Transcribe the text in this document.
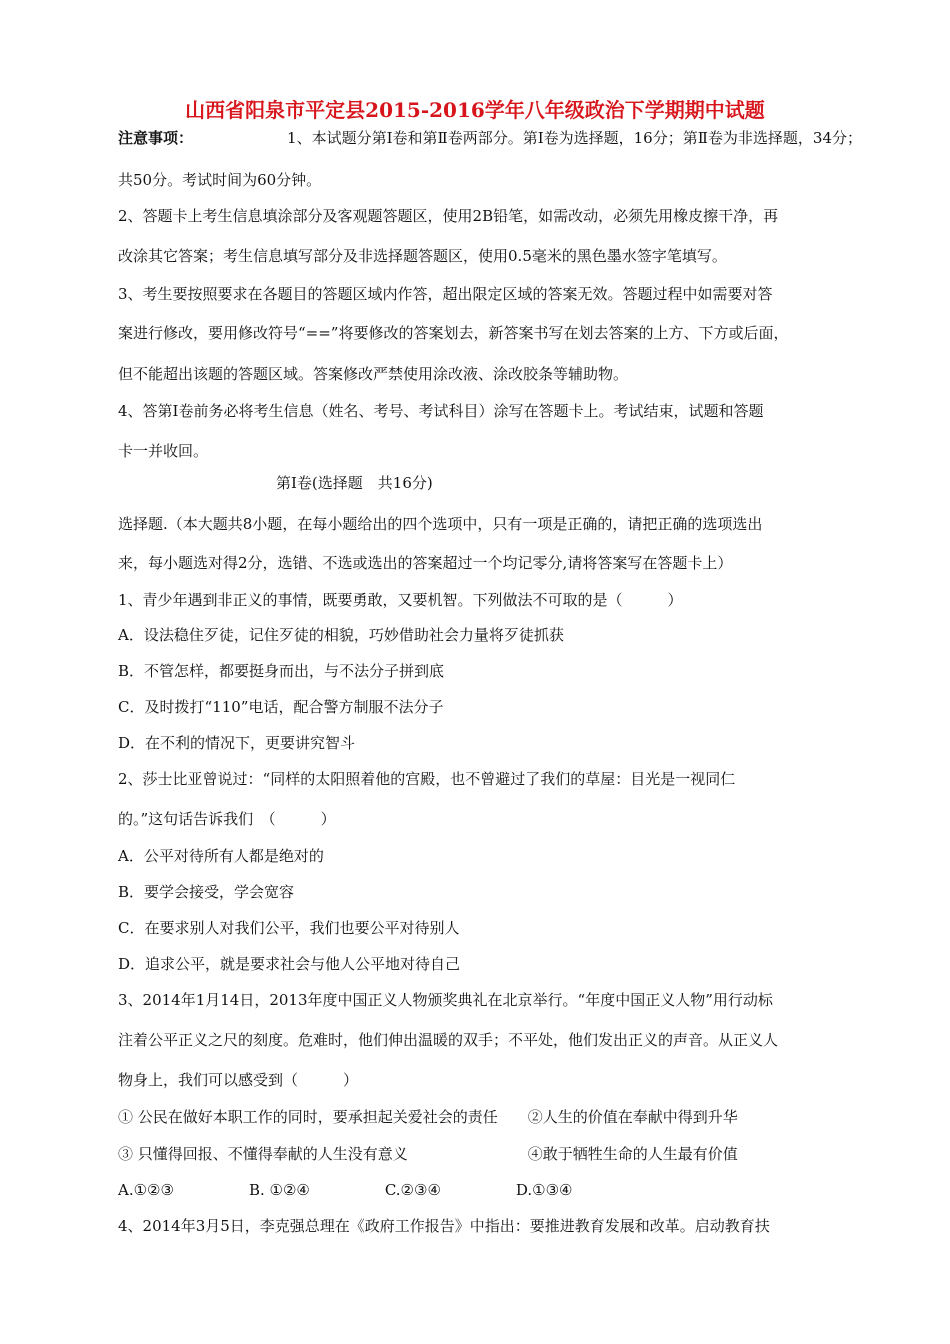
山西省阳泉市平定县2015-2016学年八年级政治下学期期中试题
注意事项：	1、本试题分第Ⅰ卷和第Ⅱ卷两部分。第Ⅰ卷为选择题，16分；第Ⅱ卷为非选择题，34分；
共50分。考试时间为60分钟。
2、答题卡上考生信息填涂部分及客观题答题区，使用2B铅笔，如需改动，必须先用橡皮擦干净，再
改涂其它答案；考生信息填写部分及非选择题答题区，使用0.5毫米的黑色墨水签字笔填写。
3、考生要按照要求在各题目的答题区域内作答，超出限定区域的答案无效。答题过程中如需要对答
案进行修改，要用修改符号“==”将要修改的答案划去，新答案书写在划去答案的上方、下方或后面，
但不能超出该题的答题区域。答案修改严禁使用涂改液、涂改胶条等辅助物。
4、答第Ⅰ卷前务必将考生信息（姓名、考号、考试科目）涂写在答题卡上。考试结束，试题和答题
卡一并收回。
第Ⅰ卷(选择题　共16分)
选择题.（本大题共8小题，在每小题给出的四个选项中，只有一项是正确的，请把正确的选项选出
来，每小题选对得2分，选错、不选或选出的答案超过一个均记零分,请将答案写在答题卡上）
1、青少年遇到非正义的事情，既要勇敢，又要机智。下列做法不可取的是（　　　）
A．设法稳住歹徒，记住歹徒的相貌，巧妙借助社会力量将歹徒抓获
B．不管怎样，都要挺身而出，与不法分子拼到底
C．及时拨打“110”电话，配合警方制服不法分子
D．在不利的情况下，更要讲究智斗
2、莎士比亚曾说过：“同样的太阳照着他的宫殿，也不曾避过了我们的草屋：目光是一视同仁
的。”这句话告诉我们　（　　　）
A．公平对待所有人都是绝对的
B．要学会接受，学会宽容
C．在要求别人对我们公平，我们也要公平对待别人
D．追求公平，就是要求社会与他人公平地对待自己
3、2014年1月14日，2013年度中国正义人物颁奖典礼在北京举行。“年度中国正义人物”用行动标
注着公平正义之尺的刻度。危难时，他们伸出温暖的双手；不平处，他们发出正义的声音。从正义人
物身上，我们可以感受到（　　　）
① 公民在做好本职工作的同时，要承担起关爱社会的责任　　②人生的价值在奉献中得到升华
③ 只懂得回报、不懂得奉献的人生没有意义　　　　　　　　④敢于牺牲生命的人生最有价值
A.①②③　　　　　B. ①②④　　　　　C.②③④　　　　　D.①③④
4、2014年3月5日，李克强总理在《政府工作报告》中指出：要推进教育发展和改革。启动教育扶
